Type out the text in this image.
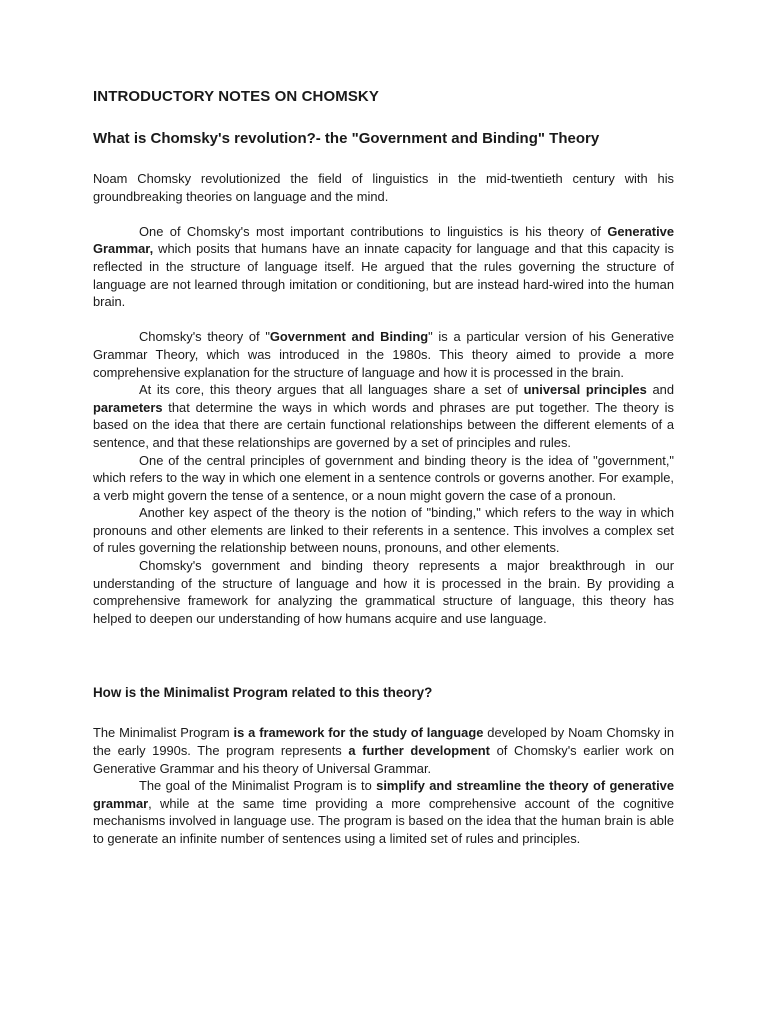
INTRODUCTORY NOTES ON CHOMSKY
What is Chomsky's revolution?- the "Government and Binding" Theory

Noam Chomsky revolutionized the field of linguistics in the mid-twentieth century with his groundbreaking theories on language and the mind.

One of Chomsky's most important contributions to linguistics is his theory of Generative Grammar, which posits that humans have an innate capacity for language and that this capacity is reflected in the structure of language itself. He argued that the rules governing the structure of language are not learned through imitation or conditioning, but are instead hard-wired into the human brain.

Chomsky's theory of "Government and Binding" is a particular version of his Generative Grammar Theory, which was introduced in the 1980s. This theory aimed to provide a more comprehensive explanation for the structure of language and how it is processed in the brain.

At its core, this theory argues that all languages share a set of universal principles and parameters that determine the ways in which words and phrases are put together. The theory is based on the idea that there are certain functional relationships between the different elements of a sentence, and that these relationships are governed by a set of principles and rules.

One of the central principles of government and binding theory is the idea of "government," which refers to the way in which one element in a sentence controls or governs another. For example, a verb might govern the tense of a sentence, or a noun might govern the case of a pronoun.

Another key aspect of the theory is the notion of "binding," which refers to the way in which pronouns and other elements are linked to their referents in a sentence. This involves a complex set of rules governing the relationship between nouns, pronouns, and other elements.

Chomsky's government and binding theory represents a major breakthrough in our understanding of the structure of language and how it is processed in the brain. By providing a comprehensive framework for analyzing the grammatical structure of language, this theory has helped to deepen our understanding of how humans acquire and use language.

How is the Minimalist Program related to this theory?

The Minimalist Program is a framework for the study of language developed by Noam Chomsky in the early 1990s. The program represents a further development of Chomsky's earlier work on Generative Grammar and his theory of Universal Grammar.

The goal of the Minimalist Program is to simplify and streamline the theory of generative grammar, while at the same time providing a more comprehensive account of the cognitive mechanisms involved in language use. The program is based on the idea that the human brain is able to generate an infinite number of sentences using a limited set of rules and principles.
